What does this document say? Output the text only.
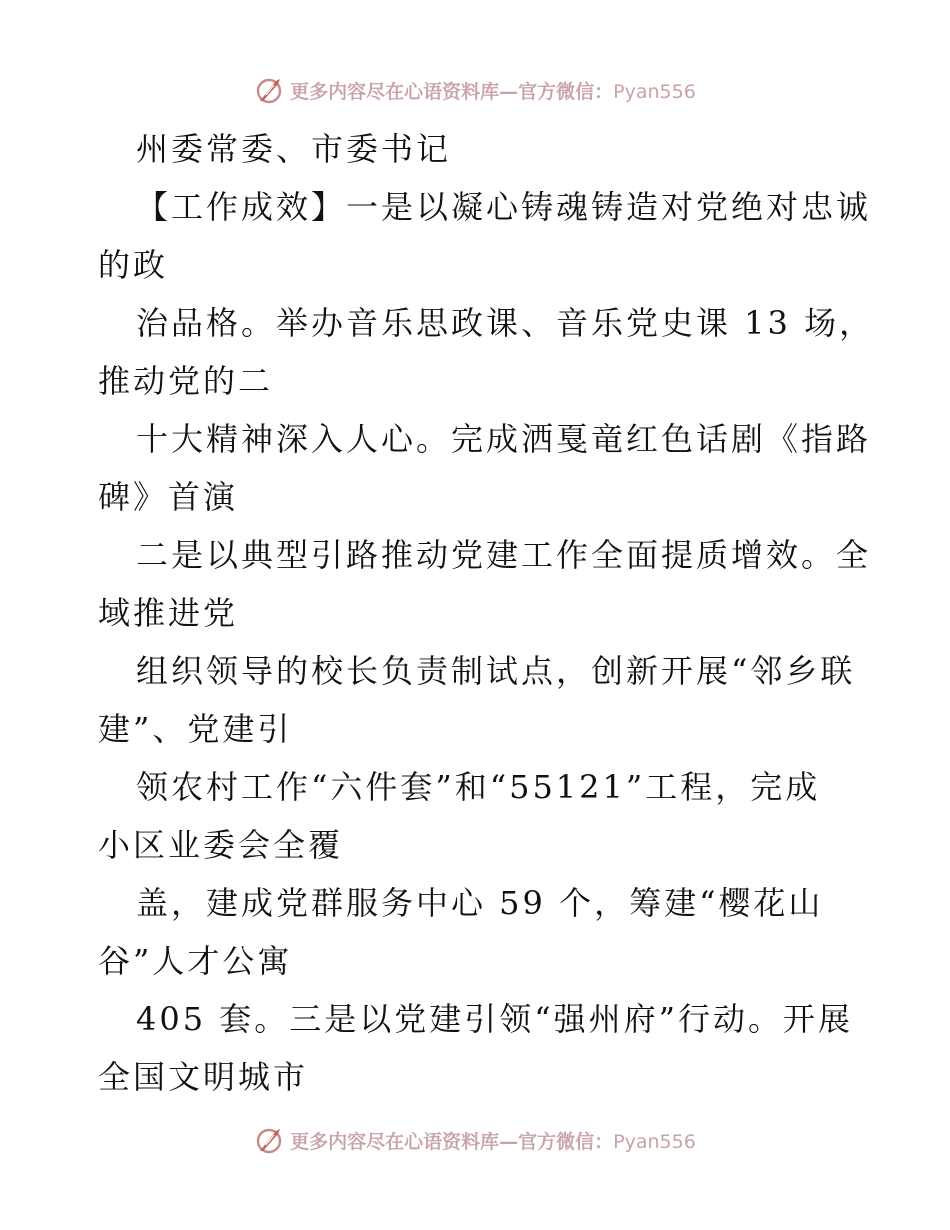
更多内容尽在心语资料库—官方微信：Pyan556
州委常委、市委书记
【工作成效】一是以凝心铸魂铸造对党绝对忠诚
的政
治品格。举办音乐思政课、音乐党史课 13 场，
推动党的二
十大精神深入人心。完成洒戛竜红色话剧《指路
碑》首演
二是以典型引路推动党建工作全面提质增效。全
域推进党
组织领导的校长负责制试点，创新开展“邻乡联
建”、党建引
领农村工作“六件套”和“55121”工程，完成
小区业委会全覆
盖，建成党群服务中心 59 个，筹建“樱花山
谷”人才公寓
405 套。三是以党建引领“强州府”行动。开展
全国文明城市
更多内容尽在心语资料库—官方微信：Pyan556
